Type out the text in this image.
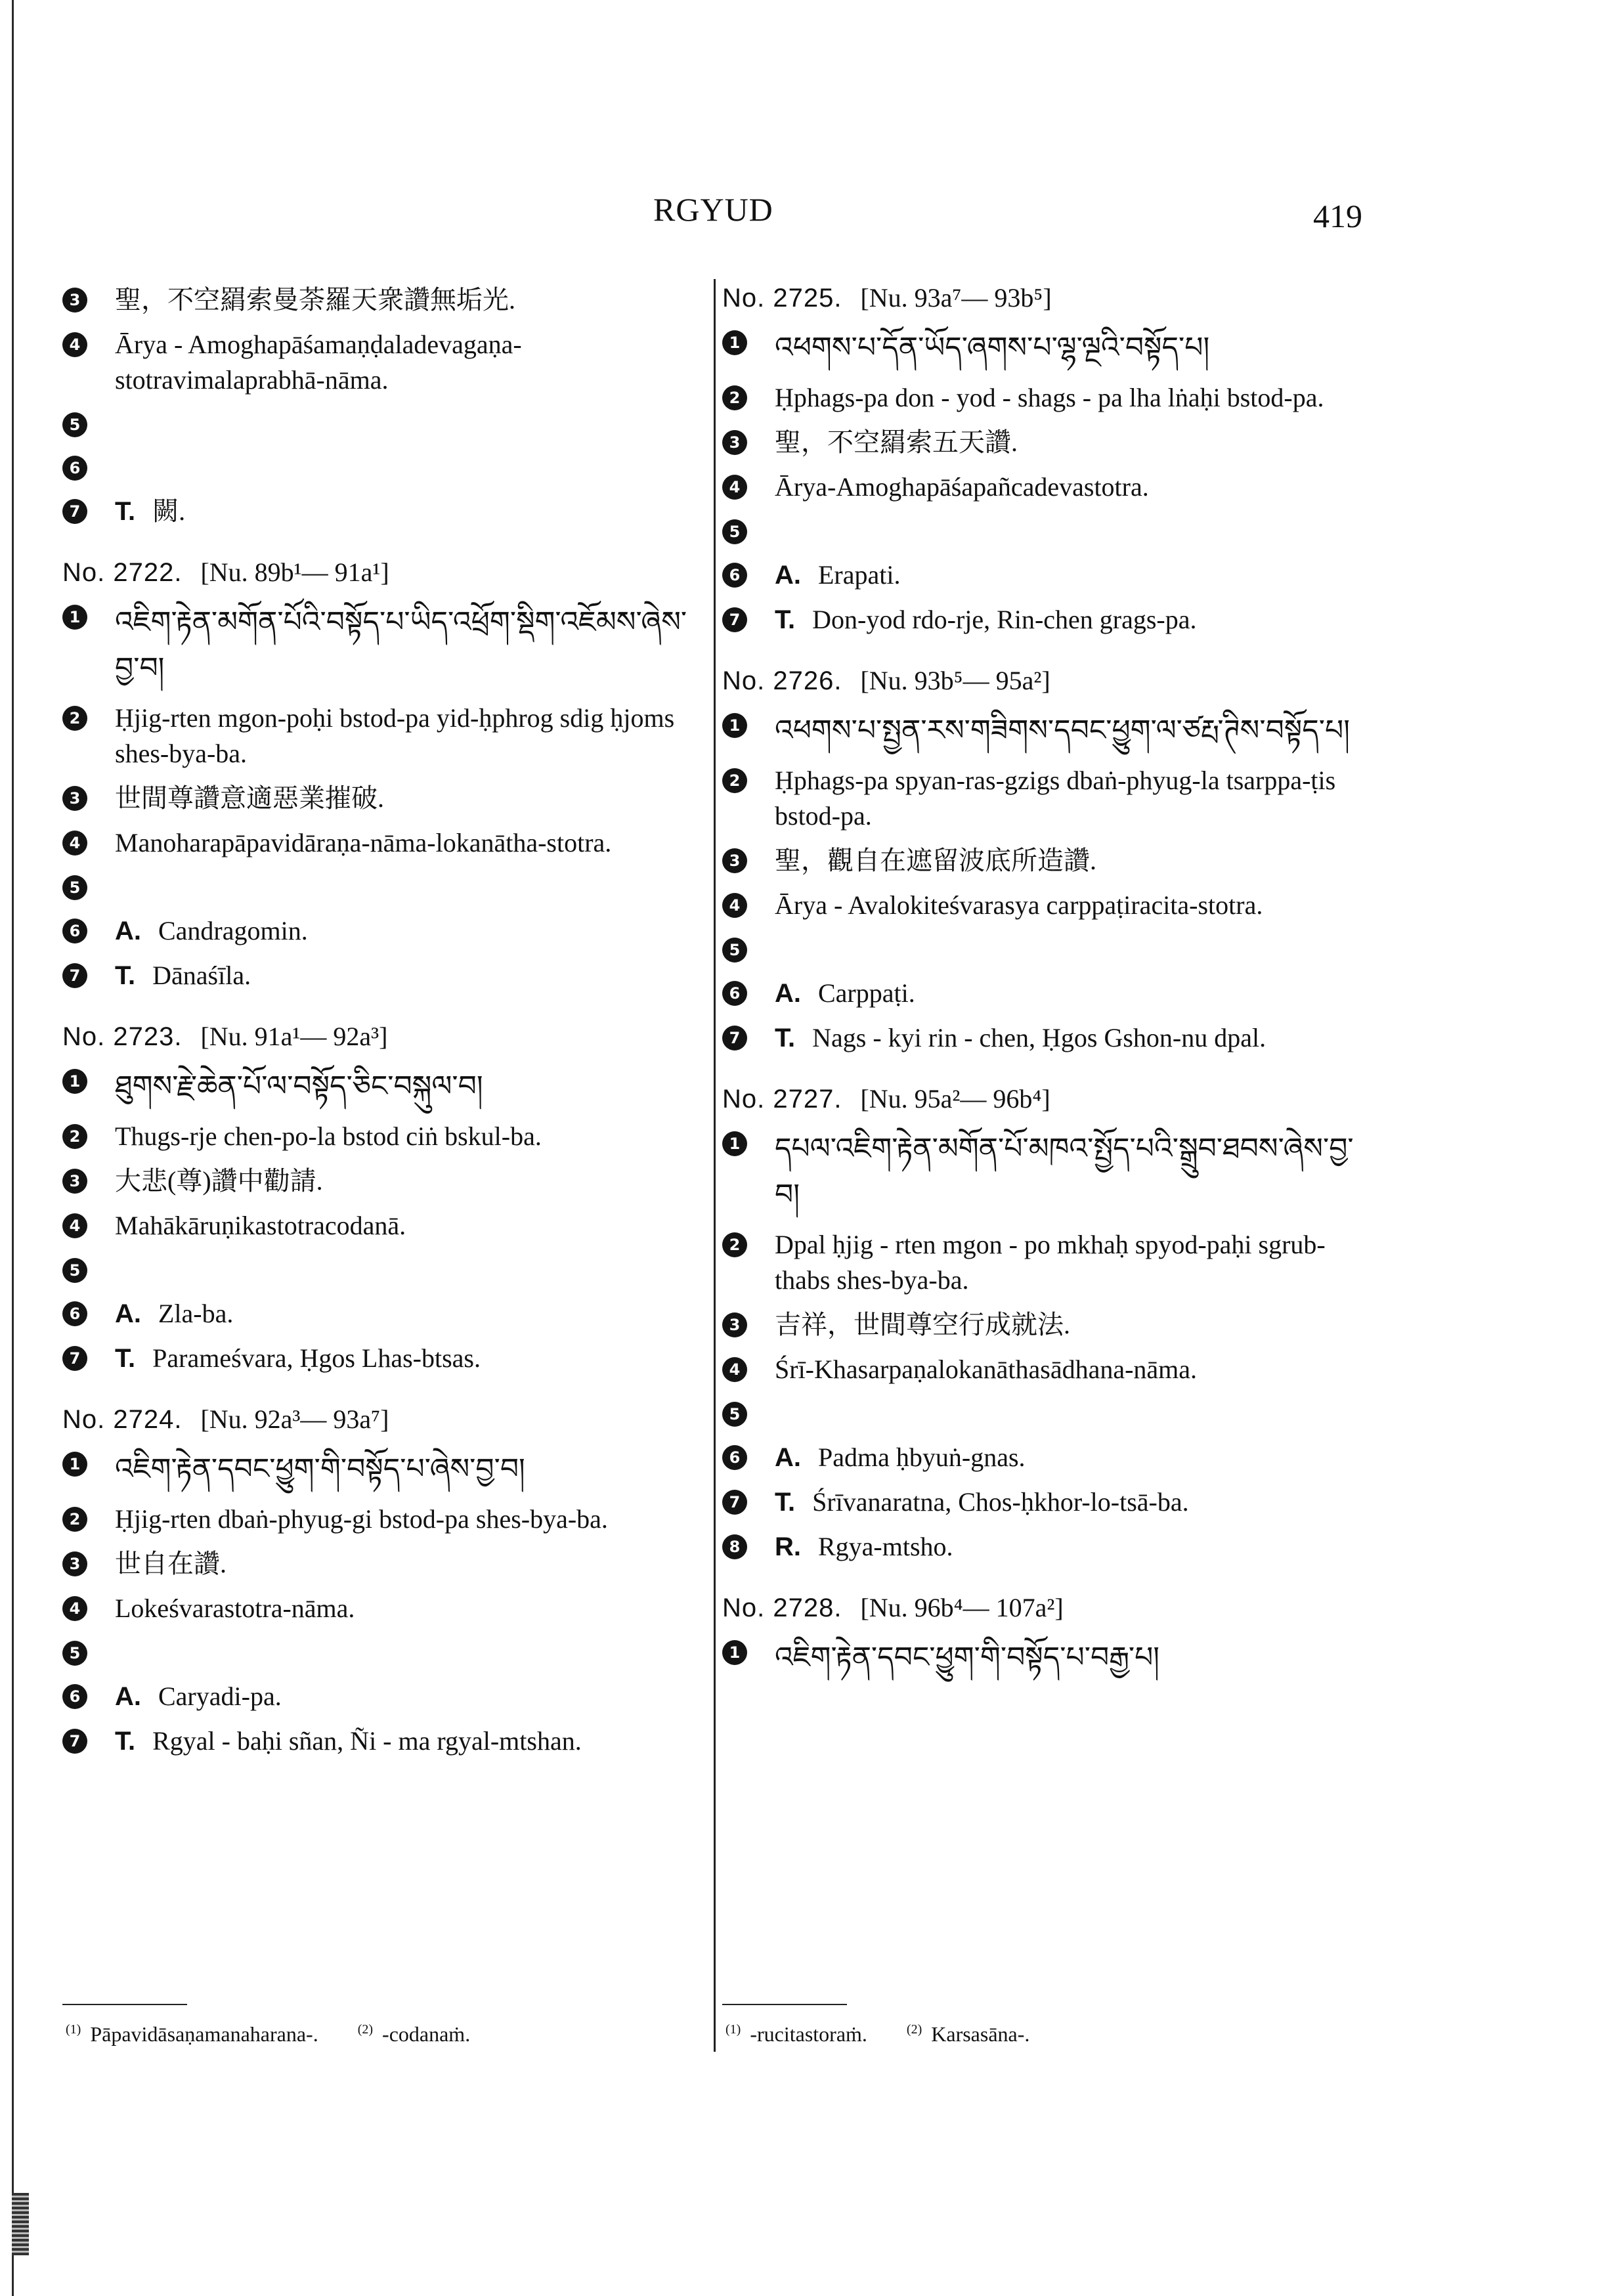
RGYUD	419
3 聖，不空羂索曼荼羅天衆讚無垢光.
4 Ārya - Amoghapāśamaṇḍaladevagaṇa-stotravimalaprabhā-nāma.
5
6
7 T. 闕.
No. 2722. [Nu. 89b¹— 91a¹]
1 འཇིག་རྟེན་མགོན་པོའི་བསྟོད་པ་ཡིད་འཕྲོག་སྡིག་འཇོམས་ཞེས་བྱ་བ།
2 Ḥjig-rten mgon-poḥi bstod-pa yid-ḥphrog sdig ḥjoms shes-bya-ba.
3 世間尊讚意適惡業摧破.
4 Manoharapāpavidāraṇa-nāma-lokanātha-stotra.
5
6 A. Candragomin.
7 T. Dānaśīla.
No. 2723. [Nu. 91a¹— 92a³]
1 ཐུགས་རྗེ་ཆེན་པོ་ལ་བསྟོད་ཅིང་བསྐུལ་བ།
2 Thugs-rje chen-po-la bstod ciṅ bskul-ba.
3 大悲(尊)讚中勸請.
4 Mahākāruṇikastotracodanā.
5
6 A. Zla-ba.
7 T. Parameśvara, Ḥgos Lhas-btsas.
No. 2724. [Nu. 92a³— 93a⁷]
1 འཇིག་རྟེན་དབང་ཕྱུག་གི་བསྟོད་པ་ཞེས་བྱ་བ།
2 Ḥjig-rten dbaṅ-phyug-gi bstod-pa shes-bya-ba.
3 世自在讚.
4 Lokeśvarastotra-nāma.
5
6 A. Caryadi-pa.
7 T. Rgyal - baḥi sñan, Ñi - ma rgyal-mtshan.
No. 2725. [Nu. 93a⁷— 93b⁵]
1 འཕགས་པ་དོན་ཡོད་ཞགས་པ་ལྷ་ལྔའི་བསྟོད་པ།
2 Ḥphags-pa don - yod - shags - pa lha lṅaḥi bstod-pa.
3 聖，不空羂索五天讚.
4 Ārya-Amoghapāśapañcadevastotra.
5
6 A. Erapati.
7 T. Don-yod rdo-rje, Rin-chen grags-pa.
No. 2726. [Nu. 93b⁵— 95a²]
1 འཕགས་པ་སྤྱན་རས་གཟིགས་དབང་ཕྱུག་ལ་ཙརྤ་ཊིས་བསྟོད་པ།
2 Ḥphags-pa spyan-ras-gzigs dbaṅ-phyug-la tsarppa-ṭis bstod-pa.
3 聖，觀自在遮留波底所造讚.
4 Ārya - Avalokiteśvarasya carppaṭiracita-stotra.
5
6 A. Carppaṭi.
7 T. Nags - kyi rin - chen, Ḥgos Gshon-nu dpal.
No. 2727. [Nu. 95a²— 96b⁴]
1 དཔལ་འཇིག་རྟེན་མགོན་པོ་མཁའ་སྤྱོད་པའི་སྒྲུབ་ཐབས་ཞེས་བྱ་བ།
2 Dpal ḥjig - rten mgon - po mkhaḥ spyod-paḥi sgrub-thabs shes-bya-ba.
3 吉祥，世間尊空行成就法.
4 Śrī-Khasarpaṇalokanāthasādhana-nāma.
5
6 A. Padma ḥbyuṅ-gnas.
7 T. Śrīvanaratna, Chos-ḥkhor-lo-tsā-ba.
8 R. Rgya-mtsho.
No. 2728. [Nu. 96b⁴— 107a²]
1 འཇིག་རྟེན་དབང་ཕྱུག་གི་བསྟོད་པ་བརྒྱ་པ།
$^{(1)}$ Pāpavidāsaṇamanaharana-.	$^{(2)}$ -codanaṁ.	$^{(1)}$ -rucitastoraṁ.	$^{(2)}$ Karsasāna-.
